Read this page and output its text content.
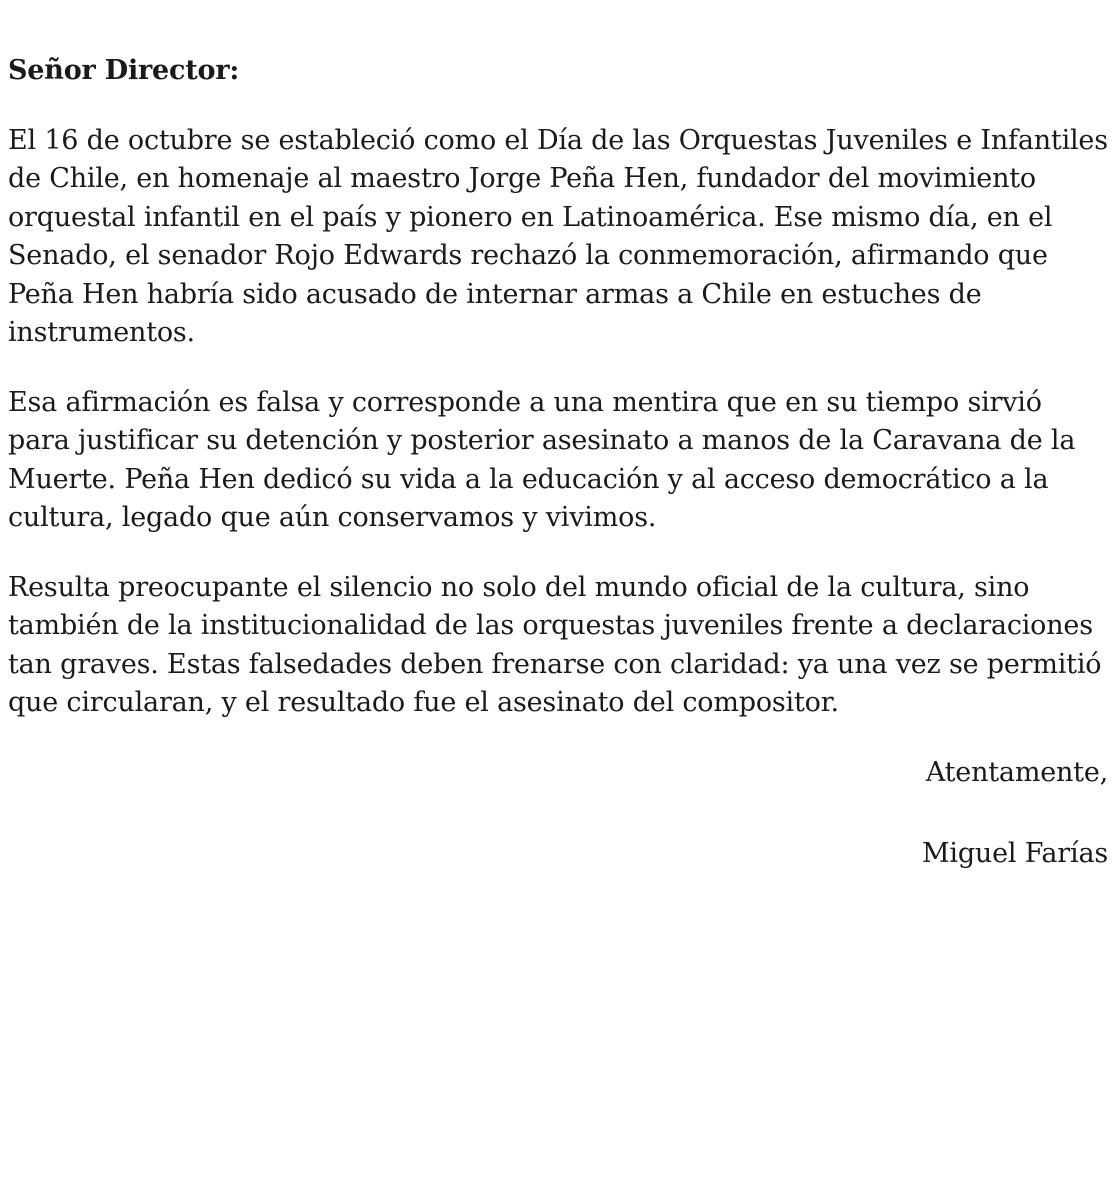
Señor Director:

El 16 de octubre se estableció como el Día de las Orquestas Juveniles e Infantiles de Chile, en homenaje al maestro Jorge Peña Hen, fundador del movimiento orquestal infantil en el país y pionero en Latinoamérica. Ese mismo día, en el Senado, el senador Rojo Edwards rechazó la conmemoración, afirmando que Peña Hen habría sido acusado de internar armas a Chile en estuches de instrumentos.

Esa afirmación es falsa y corresponde a una mentira que en su tiempo sirvió para justificar su detención y posterior asesinato a manos de la Caravana de la Muerte. Peña Hen dedicó su vida a la educación y al acceso democrático a la cultura, legado que aún conservamos y vivimos.

Resulta preocupante el silencio no solo del mundo oficial de la cultura, sino también de la institucionalidad de las orquestas juveniles frente a declaraciones tan graves. Estas falsedades deben frenarse con claridad: ya una vez se permitió que circularan, y el resultado fue el asesinato del compositor.

Atentamente,

Miguel Farías
